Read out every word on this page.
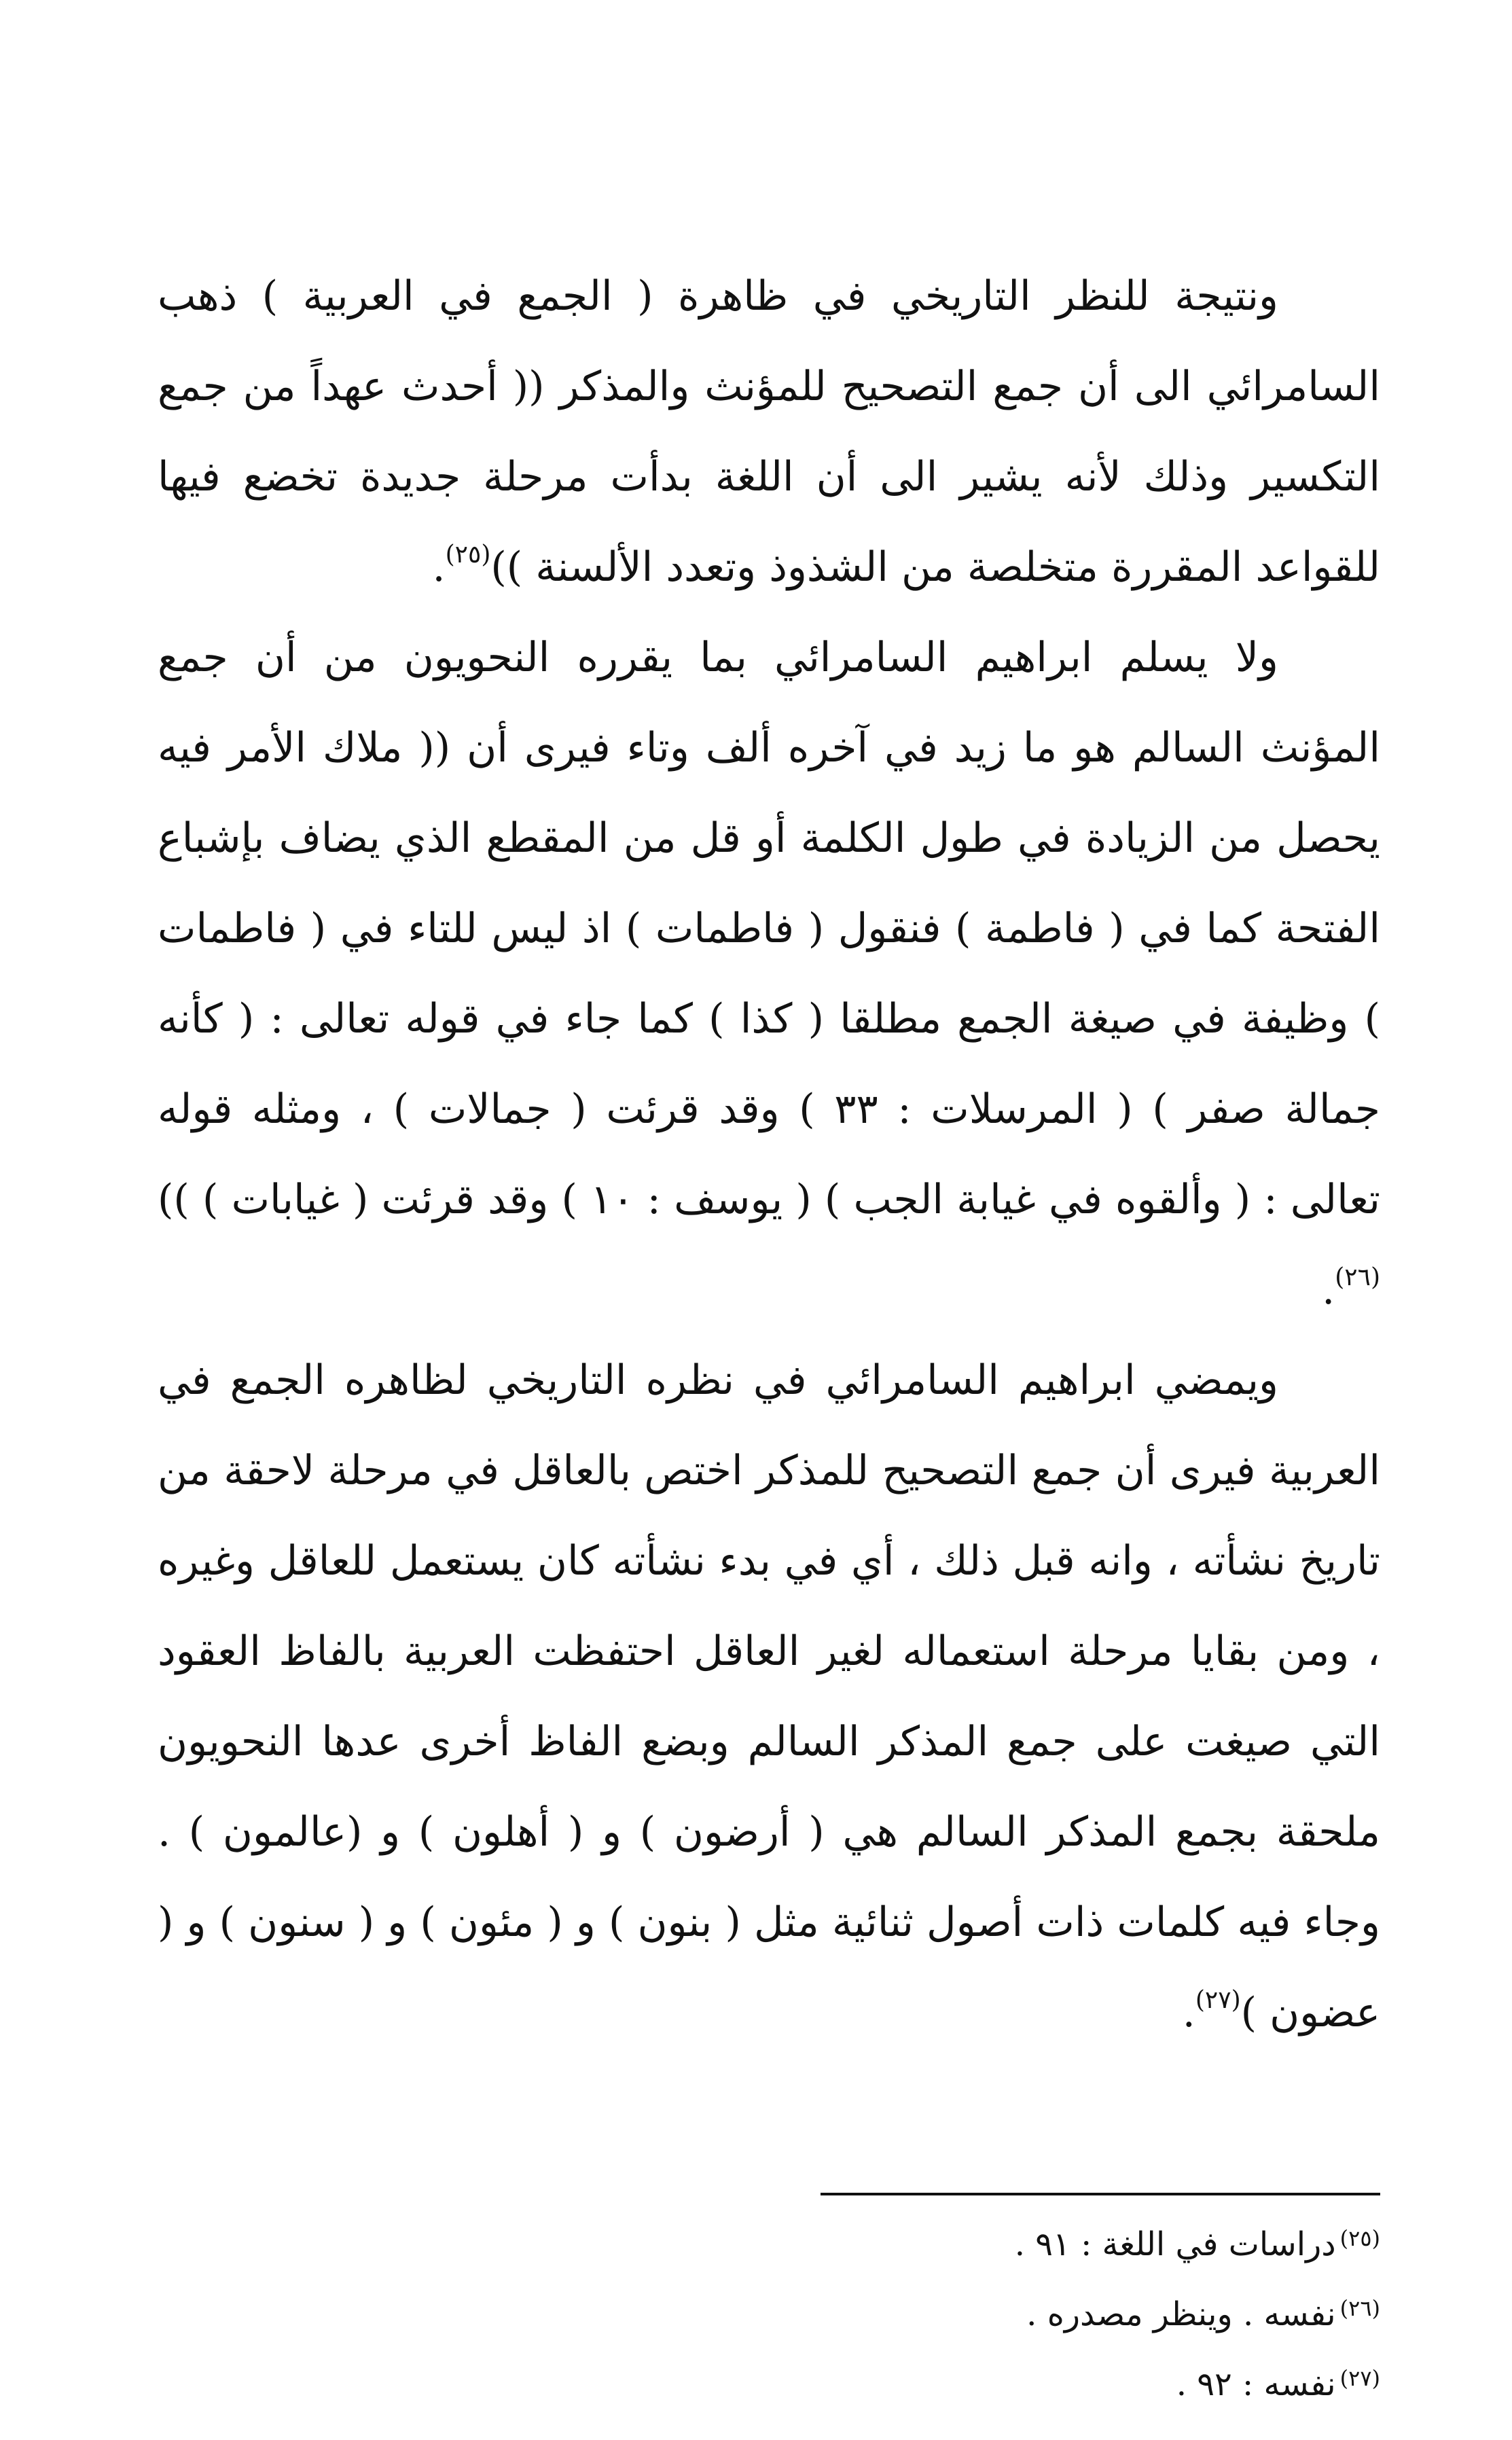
ونتيجة للنظر التاريخي في ظاهرة ( الجمع في العربية ) ذهب السامرائي الى أن جمع التصحيح للمؤنث والمذكر (( أحدث عهداً من جمع التكسير وذلك لأنه يشير الى أن اللغة بدأت مرحلة جديدة تخضع فيها للقواعد المقررة متخلصة من الشذوذ وتعدد الألسنة ))$^{(٢٥)}$.

ولا يسلم ابراهيم السامرائي بما يقرره النحويون من أن جمع المؤنث السالم هو ما زيد في آخره ألف وتاء فيرى أن (( ملاك الأمر فيه يحصل من الزيادة في طول الكلمة أو قل من المقطع الذي يضاف بإشباع الفتحة كما في ( فاطمة ) فنقول ( فاطمات ) اذ ليس للتاء في ( فاطمات ) وظيفة في صيغة الجمع مطلقا ( كذا ) كما جاء في قوله تعالى : ( كأنه جمالة صفر ) ( المرسلات : ٣٣ ) وقد قرئت ( جمالات ) ، ومثله قوله تعالى : ( وألقوه في غيابة الجب ) ( يوسف : ١٠ ) وقد قرئت ( غيابات ) ))$^{(٢٦)}$.

ويمضي ابراهيم السامرائي في نظره التاريخي لظاهره الجمع في العربية فيرى أن جمع التصحيح للمذكر اختص بالعاقل في مرحلة لاحقة من تاريخ نشأته ، وانه قبل ذلك ، أي في بدء نشأته كان يستعمل للعاقل وغيره ، ومن بقايا مرحلة استعماله لغير العاقل احتفظت العربية بالفاظ العقود التي صيغت على جمع المذكر السالم وبضع الفاظ أخرى عدها النحويون ملحقة بجمع المذكر السالم هي ( أرضون ) و ( أهلون ) و (عالمون ) . وجاء فيه كلمات ذات أصول ثنائية مثل ( بنون ) و ( مئون ) و ( سنون ) و ( عضون )$^{(٢٧)}$.

$^{(٢٥)}$دراسات في اللغة : ٩١ .

$^{(٢٦)}$نفسه . وينظر مصدره .

$^{(٢٧)}$نفسه : ٩٢ .
